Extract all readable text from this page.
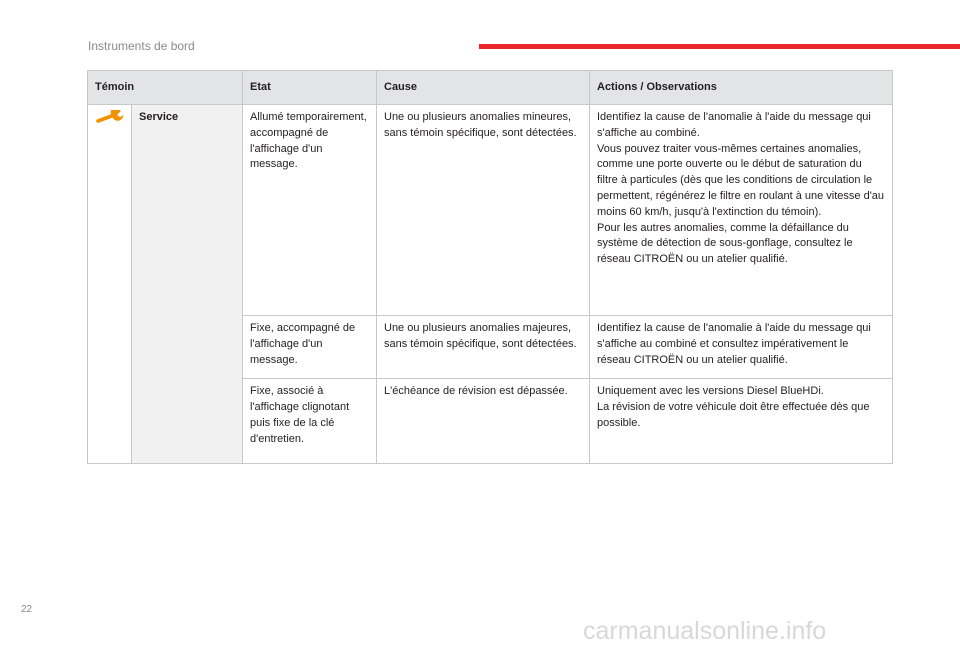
Instruments de bord
Témoin		Etat	Cause	Actions / Observations
	Service	Allumé temporairement, accompagné de l'affichage d'un message.	Une ou plusieurs anomalies mineures, sans témoin spécifique, sont détectées.	Identifiez la cause de l'anomalie à l'aide du message qui s'affiche au combiné.
Vous pouvez traiter vous-mêmes certaines anomalies, comme une porte ouverte ou le début de saturation du filtre à particules (dès que les conditions de circulation le permettent, régénérez le filtre en roulant à une vitesse d'au moins 60 km/h, jusqu'à l'extinction du témoin).
Pour les autres anomalies, comme la défaillance du système de détection de sous-gonflage, consultez le réseau CITROËN ou un atelier qualifié.

		Fixe, accompagné de l'affichage d'un message.	Une ou plusieurs anomalies majeures, sans témoin spécifique, sont détectées.	Identifiez la cause de l'anomalie à l'aide du message qui s'affiche au combiné et consultez impérativement le réseau CITROËN ou un atelier qualifié.

		Fixe, associé à l'affichage clignotant puis fixe de la clé d'entretien.	L'échéance de révision est dépassée.	Uniquement avec les versions Diesel BlueHDi.
La révision de votre véhicule doit être effectuée dès que possible.
22
carmanualsonline.info
